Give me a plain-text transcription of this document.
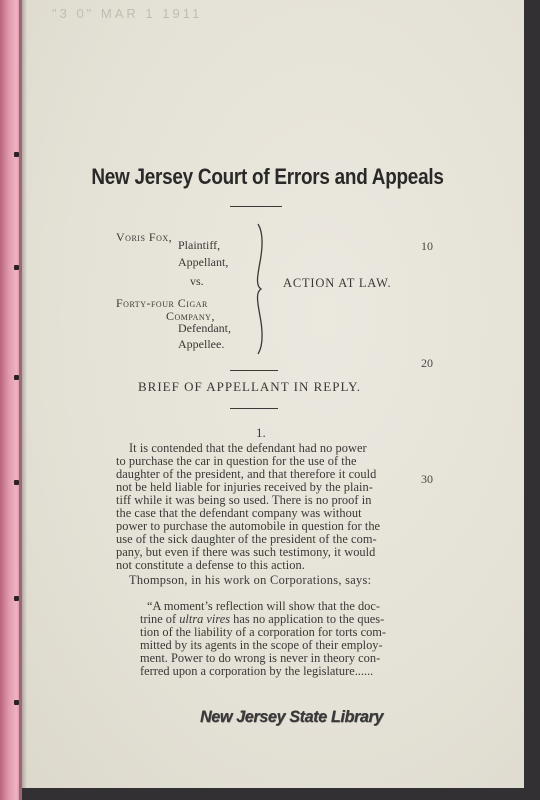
"3 0" MAR 1 1911
New Jersey Court of Errors and Appeals
Voris Fox,
Plaintiff,
Appellant,
vs.
Forty-four Cigar
Company,
Defendant,
Appellee.
ACTION AT LAW.
10
20
30
BRIEF OF APPELLANT IN REPLY.
1.
It is contended that the defendant had no power
to purchase the car in question for the use of the
daughter of the president, and that therefore it could
not be held liable for injuries received by the plain-
tiff while it was being so used. There is no proof in
the case that the defendant company was without
power to purchase the automobile in question for the
use of the sick daughter of the president of the com-
pany, but even if there was such testimony, it would
not constitute a defense to this action.
Thompson, in his work on Corporations, says:
“A moment’s reflection will show that the doc-
trine of ultra vires has no application to the ques-
tion of the liability of a corporation for torts com-
mitted by its agents in the scope of their employ-
ment. Power to do wrong is never in theory con-
ferred upon a corporation by the legislature......
New Jersey State Library
